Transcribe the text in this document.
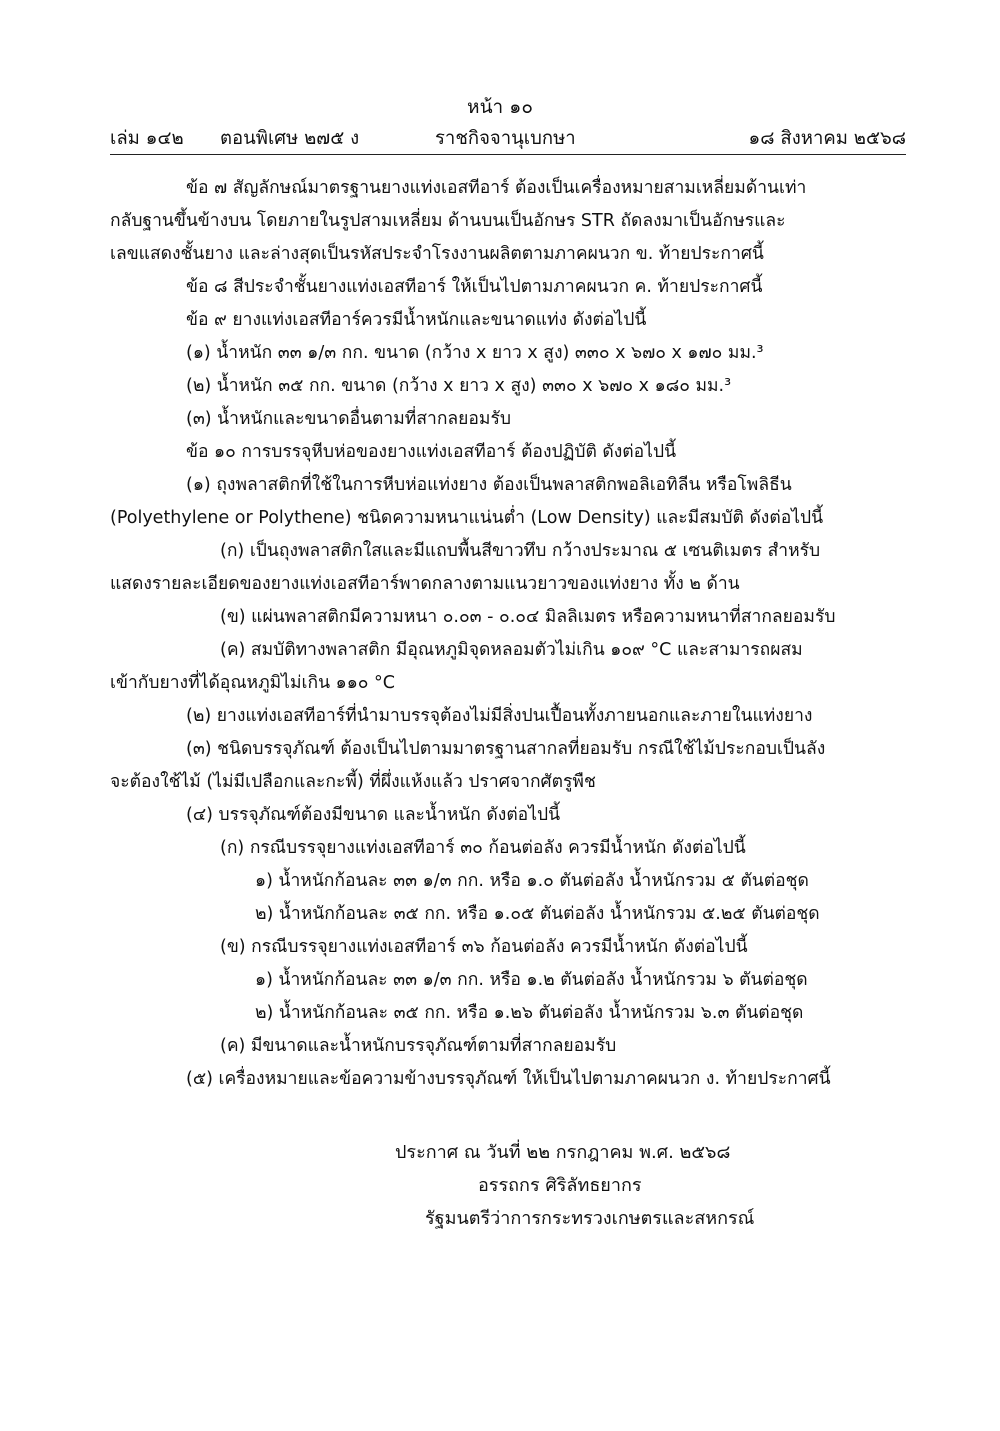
หน้า ๑๐
เล่ม ๑๔๒ ตอนพิเศษ ๒๗๕ ง	ราชกิจจานุเบกษา	๑๘ สิงหาคม ๒๕๖๘

ข้อ ๗ สัญลักษณ์มาตรฐานยางแท่งเอสทีอาร์ ต้องเป็นเครื่องหมายสามเหลี่ยมด้านเท่า

กลับฐานขึ้นข้างบน โดยภายในรูปสามเหลี่ยม ด้านบนเป็นอักษร STR ถัดลงมาเป็นอักษรและ

เลขแสดงชั้นยาง และล่างสุดเป็นรหัสประจำโรงงานผลิตตามภาคผนวก ข. ท้ายประกาศนี้

ข้อ ๘ สีประจำชั้นยางแท่งเอสทีอาร์ ให้เป็นไปตามภาคผนวก ค. ท้ายประกาศนี้

ข้อ ๙ ยางแท่งเอสทีอาร์ควรมีน้ำหนักและขนาดแท่ง ดังต่อไปนี้

(๑) น้ำหนัก ๓๓ ๑/๓ กก. ขนาด (กว้าง x ยาว x สูง) ๓๓๐ x ๖๗๐ x ๑๗๐ มม.³

(๒) น้ำหนัก ๓๕ กก. ขนาด (กว้าง x ยาว x สูง) ๓๓๐ x ๖๗๐ x ๑๘๐ มม.³

(๓) น้ำหนักและขนาดอื่นตามที่สากลยอมรับ

ข้อ ๑๐ การบรรจุหีบห่อของยางแท่งเอสทีอาร์ ต้องปฏิบัติ ดังต่อไปนี้

(๑) ถุงพลาสติกที่ใช้ในการหีบห่อแท่งยาง ต้องเป็นพลาสติกพอลิเอทิลีน หรือโพลิธีน

(Polyethylene or Polythene) ชนิดความหนาแน่นต่ำ (Low Density) และมีสมบัติ ดังต่อไปนี้

(ก) เป็นถุงพลาสติกใสและมีแถบพื้นสีขาวทึบ กว้างประมาณ ๕ เซนติเมตร สำหรับ

แสดงรายละเอียดของยางแท่งเอสทีอาร์พาดกลางตามแนวยาวของแท่งยาง ทั้ง ๒ ด้าน

(ข) แผ่นพลาสติกมีความหนา ๐.๐๓ - ๐.๐๔ มิลลิเมตร หรือความหนาที่สากลยอมรับ

(ค) สมบัติทางพลาสติก มีอุณหภูมิจุดหลอมตัวไม่เกิน ๑๐๙ °C และสามารถผสม

เข้ากับยางที่ได้อุณหภูมิไม่เกิน ๑๑๐ °C

(๒) ยางแท่งเอสทีอาร์ที่นำมาบรรจุต้องไม่มีสิ่งปนเปื้อนทั้งภายนอกและภายในแท่งยาง

(๓) ชนิดบรรจุภัณฑ์ ต้องเป็นไปตามมาตรฐานสากลที่ยอมรับ กรณีใช้ไม้ประกอบเป็นลัง

จะต้องใช้ไม้ (ไม่มีเปลือกและกะพี้) ที่ผึ่งแห้งแล้ว ปราศจากศัตรูพืช

(๔) บรรจุภัณฑ์ต้องมีขนาด และน้ำหนัก ดังต่อไปนี้

(ก) กรณีบรรจุยางแท่งเอสทีอาร์ ๓๐ ก้อนต่อลัง ควรมีน้ำหนัก ดังต่อไปนี้

๑) น้ำหนักก้อนละ ๓๓ ๑/๓ กก. หรือ ๑.๐ ตันต่อลัง น้ำหนักรวม ๕ ตันต่อชุด

๒) น้ำหนักก้อนละ ๓๕ กก. หรือ ๑.๐๕ ตันต่อลัง น้ำหนักรวม ๕.๒๕ ตันต่อชุด

(ข) กรณีบรรจุยางแท่งเอสทีอาร์ ๓๖ ก้อนต่อลัง ควรมีน้ำหนัก ดังต่อไปนี้

๑) น้ำหนักก้อนละ ๓๓ ๑/๓ กก. หรือ ๑.๒ ตันต่อลัง น้ำหนักรวม ๖ ตันต่อชุด

๒) น้ำหนักก้อนละ ๓๕ กก. หรือ ๑.๒๖ ตันต่อลัง น้ำหนักรวม ๖.๓ ตันต่อชุด

(ค) มีขนาดและน้ำหนักบรรจุภัณฑ์ตามที่สากลยอมรับ

(๕) เครื่องหมายและข้อความข้างบรรจุภัณฑ์ ให้เป็นไปตามภาคผนวก ง. ท้ายประกาศนี้

ประกาศ ณ วันที่ ๒๒ กรกฎาคม พ.ศ. ๒๕๖๘
อรรถกร ศิริลัทธยากร
รัฐมนตรีว่าการกระทรวงเกษตรและสหกรณ์
